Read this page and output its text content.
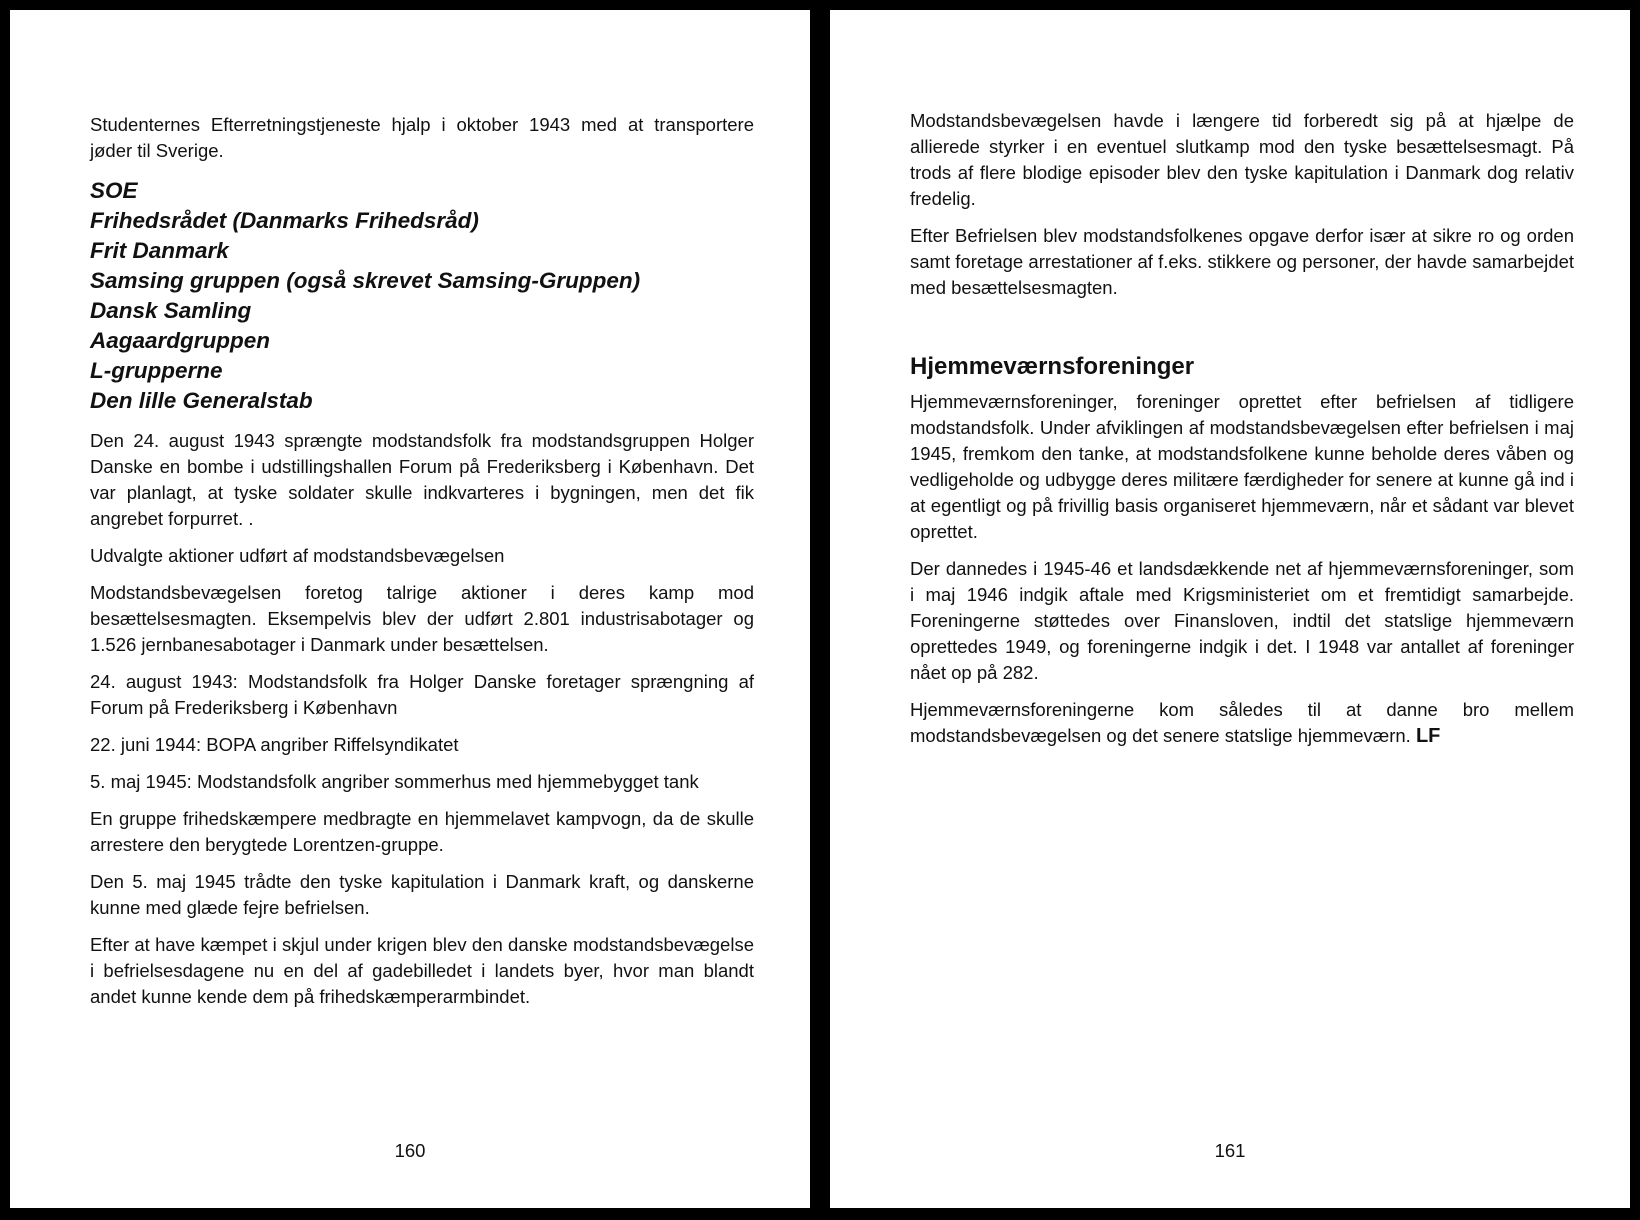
Studenternes Efterretningstjeneste hjalp i oktober 1943 med at transportere jøder til Sverige.

SOE
Frihedsrådet (Danmarks Frihedsråd)
Frit Danmark
Samsing gruppen (også skrevet Samsing-Gruppen)
Dansk Samling
Aagaardgruppen
L-grupperne
Den lille Generalstab

Den 24. august 1943 sprængte modstandsfolk fra modstandsgruppen Holger Danske en bombe i udstillingshallen Forum på Frederiksberg i København. Det var planlagt, at tyske soldater skulle indkvarteres i bygningen, men det fik angrebet forpurret. .

Udvalgte aktioner udført af modstandsbevægelsen

Modstandsbevægelsen foretog talrige aktioner i deres kamp mod besættelsesmagten. Eksempelvis blev der udført 2.801 industrisabotager og 1.526 jernbanesabotager i Danmark under besættelsen.

24. august 1943: Modstandsfolk fra Holger Danske foretager sprængning af Forum på Frederiksberg i København

22. juni 1944: BOPA angriber Riffelsyndikatet

5. maj 1945: Modstandsfolk angriber sommerhus med hjemmebygget tank

En gruppe frihedskæmpere medbragte en hjemmelavet kampvogn, da de skulle arrestere den berygtede Lorentzen-gruppe.

Den 5. maj 1945 trådte den tyske kapitulation i Danmark kraft, og danskerne kunne med glæde fejre befrielsen.

Efter at have kæmpet i skjul under krigen blev den danske modstandsbevægelse i befrielsesdagene nu en del af gadebilledet i landets byer, hvor man blandt andet kunne kende dem på frihedskæmperarmbindet.

160

Modstandsbevægelsen havde i længere tid forberedt sig på at hjælpe de allierede styrker i en eventuel slutkamp mod den tyske besættelsesmagt. På trods af flere blodige episoder blev den tyske kapitulation i Danmark dog relativ fredelig.

Efter Befrielsen blev modstandsfolkenes opgave derfor især at sikre ro og orden samt foretage arrestationer af f.eks. stikkere og personer, der havde samarbejdet med besættelsesmagten.

Hjemmeværnsforeninger

Hjemmeværnsforeninger, foreninger oprettet efter befrielsen af tidligere modstandsfolk. Under afviklingen af modstandsbevægelsen efter befrielsen i maj 1945, fremkom den tanke, at modstandsfolkene kunne beholde deres våben og vedligeholde og udbygge deres militære færdigheder for senere at kunne gå ind i at egentligt og på frivillig basis organiseret hjemmeværn, når et sådant var blevet oprettet.

Der dannedes i 1945-46 et landsdækkende net af hjemmeværnsforeninger, som i maj 1946 indgik aftale med Krigsministeriet om et fremtidigt samarbejde. Foreningerne støttedes over Finansloven, indtil det statslige hjemmeværn oprettedes 1949, og foreningerne indgik i det. I 1948 var antallet af foreninger nået op på 282.

Hjemmeværnsforeningerne kom således til at danne bro mellem modstandsbevægelsen og det senere statslige hjemmeværn. LF

161
